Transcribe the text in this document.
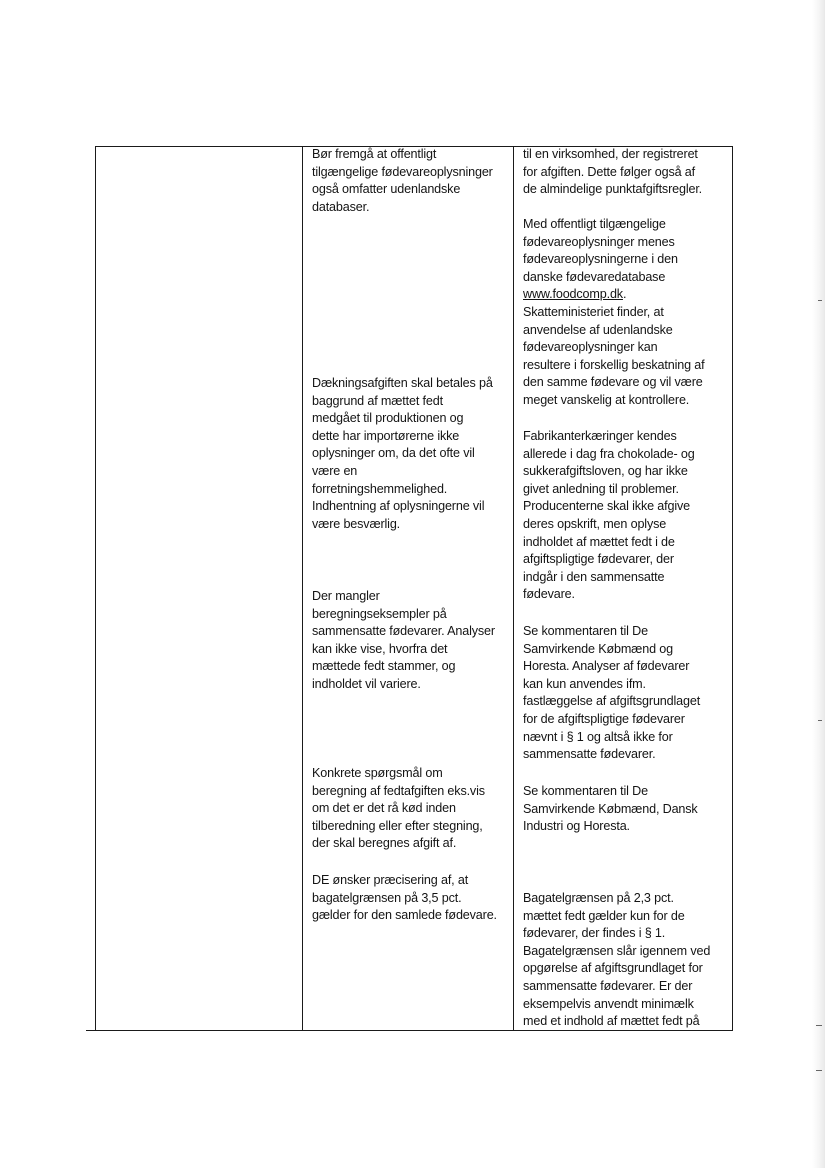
Bør fremgå at offentligt
tilgængelige fødevareoplysninger
også omfatter udenlandske
databaser.
Dækningsafgiften skal betales på
baggrund af mættet fedt
medgået til produktionen og
dette har importørerne ikke
oplysninger om, da det ofte vil
være en
forretningshemmelighed.
Indhentning af oplysningerne vil
være besværlig.
Der mangler
beregningseksempler på
sammensatte fødevarer. Analyser
kan ikke vise, hvorfra det
mættede fedt stammer, og
indholdet vil variere.
Konkrete spørgsmål om
beregning af fedtafgiften eks.vis
om det er det rå kød inden
tilberedning eller efter stegning,
der skal beregnes afgift af.
DE ønsker præcisering af, at
bagatelgrænsen på 3,5 pct.
gælder for den samlede fødevare.
til en virksomhed, der registreret
for afgiften. Dette følger også af
de almindelige punktafgiftsregler.
Med offentligt tilgængelige
fødevareoplysninger menes
fødevareoplysningerne i den
danske fødevaredatabase
www.foodcomp.dk.
Skatteministeriet finder, at
anvendelse af udenlandske
fødevareoplysninger kan
resultere i forskellig beskatning af
den samme fødevare og vil være
meget vanskelig at kontrollere.
Fabrikanterkæringer kendes
allerede i dag fra chokolade- og
sukkerafgiftsloven, og har ikke
givet anledning til problemer.
Producenterne skal ikke afgive
deres opskrift, men oplyse
indholdet af mættet fedt i de
afgiftspligtige fødevarer, der
indgår i den sammensatte
fødevare.
Se kommentaren til De
Samvirkende Købmænd og
Horesta. Analyser af fødevarer
kan kun anvendes ifm.
fastlæggelse af afgiftsgrundlaget
for de afgiftspligtige fødevarer
nævnt i § 1 og altså ikke for
sammensatte fødevarer.
Se kommentaren til De
Samvirkende Købmænd, Dansk
Industri og Horesta.
Bagatelgrænsen på 2,3 pct.
mættet fedt gælder kun for de
fødevarer, der findes i § 1.
Bagatelgrænsen slår igennem ved
opgørelse af afgiftsgrundlaget for
sammensatte fødevarer. Er der
eksempelvis anvendt minimælk
med et indhold af mættet fedt på
